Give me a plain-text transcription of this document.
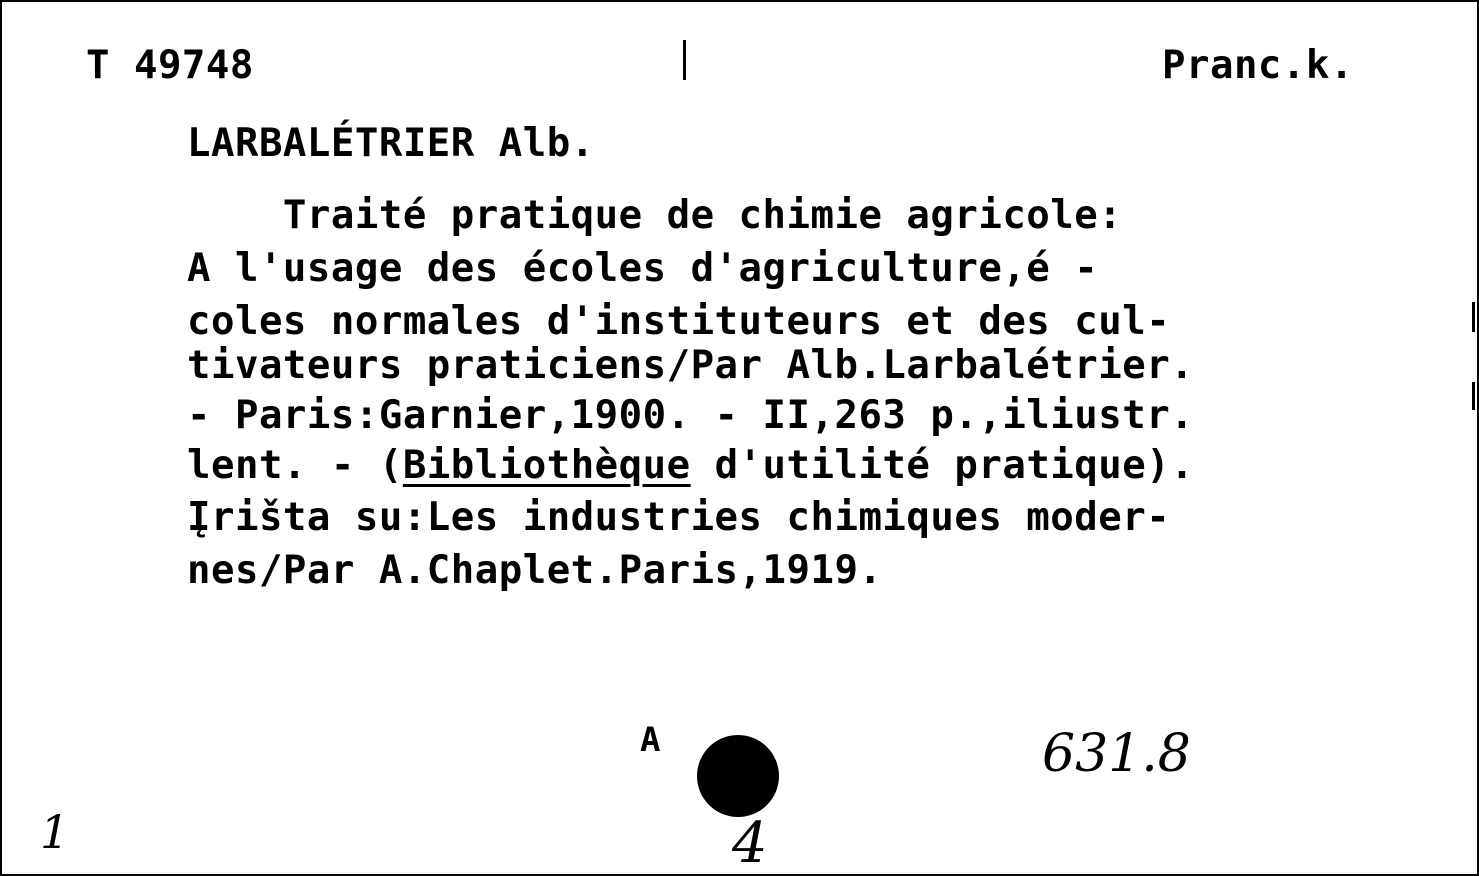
T 49748	Pranc.k.
LARBALÉTRIER Alb.
Traité pratique de chimie agricole:
A l'usage des écoles d'agriculture,é -
coles normales d'instituteurs et des cul-
tivateurs praticiens/Par Alb.Larbalétrier.
- Paris:Garnier,1900. - II,263 p.,iliustr.
lent. - (Bibliothèque d'utilité pratique).
Įrišta su:Les industries chimiques moder-
nes/Par A.Chaplet.Paris,1919.
A	631.8
4
1
